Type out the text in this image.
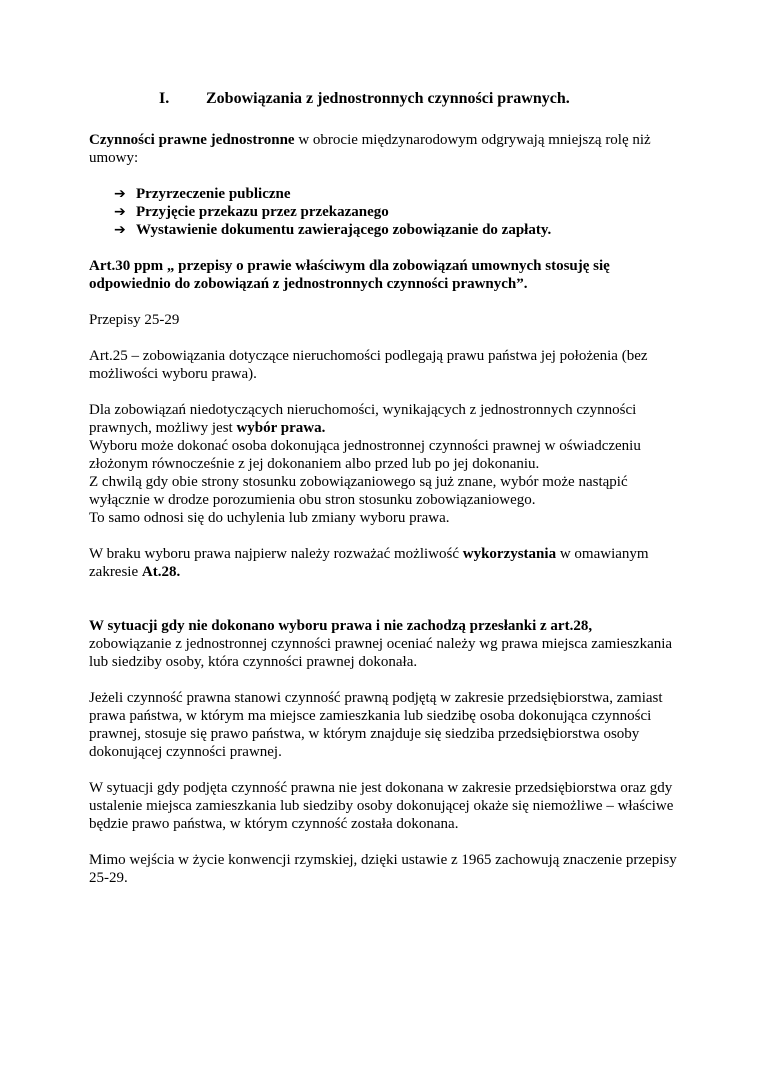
I. Zobowiązania z jednostronnych czynności prawnych.

Czynności prawne jednostronne w obrocie międzynarodowym odgrywają mniejszą rolę niż umowy:

➔ Przyrzeczenie publiczne
➔ Przyjęcie przekazu przez przekazanego
➔ Wystawienie dokumentu zawierającego zobowiązanie do zapłaty.

Art.30 ppm „ przepisy o prawie właściwym dla zobowiązań umownych stosuję się odpowiednio do zobowiązań z jednostronnych czynności prawnych”.

Przepisy 25-29

Art.25 – zobowiązania dotyczące nieruchomości podlegają prawu państwa jej położenia (bez możliwości wyboru prawa).

Dla zobowiązań niedotyczących nieruchomości, wynikających z jednostronnych czynności prawnych, możliwy jest wybór prawa.

Wyboru może dokonać osoba dokonująca jednostronnej czynności prawnej w oświadczeniu złożonym równocześnie z jej dokonaniem albo przed lub po jej dokonaniu.

Z chwilą gdy obie strony stosunku zobowiązaniowego są już znane, wybór może nastąpić wyłącznie w drodze porozumienia obu stron stosunku zobowiązaniowego.

To samo odnosi się do uchylenia lub zmiany wyboru prawa.

W braku wyboru prawa najpierw należy rozważać możliwość wykorzystania w omawianym zakresie At.28.

W sytuacji gdy nie dokonano wyboru prawa i nie zachodzą przesłanki z art.28,

zobowiązanie z jednostronnej czynności prawnej oceniać należy wg prawa miejsca zamieszkania lub siedziby osoby, która czynności prawnej dokonała.

Jeżeli czynność prawna stanowi czynność prawną podjętą w zakresie przedsiębiorstwa, zamiast prawa państwa, w którym ma miejsce zamieszkania lub siedzibę osoba dokonująca czynności prawnej, stosuje się prawo państwa, w którym znajduje się siedziba przedsiębiorstwa osoby dokonującej czynności prawnej.

W sytuacji gdy podjęta czynność prawna nie jest dokonana w zakresie przedsiębiorstwa oraz gdy ustalenie miejsca zamieszkania lub siedziby osoby dokonującej okaże się niemożliwe – właściwe będzie prawo państwa, w którym czynność została dokonana.

Mimo wejścia w życie konwencji rzymskiej, dzięki ustawie z 1965 zachowują znaczenie przepisy 25-29.
